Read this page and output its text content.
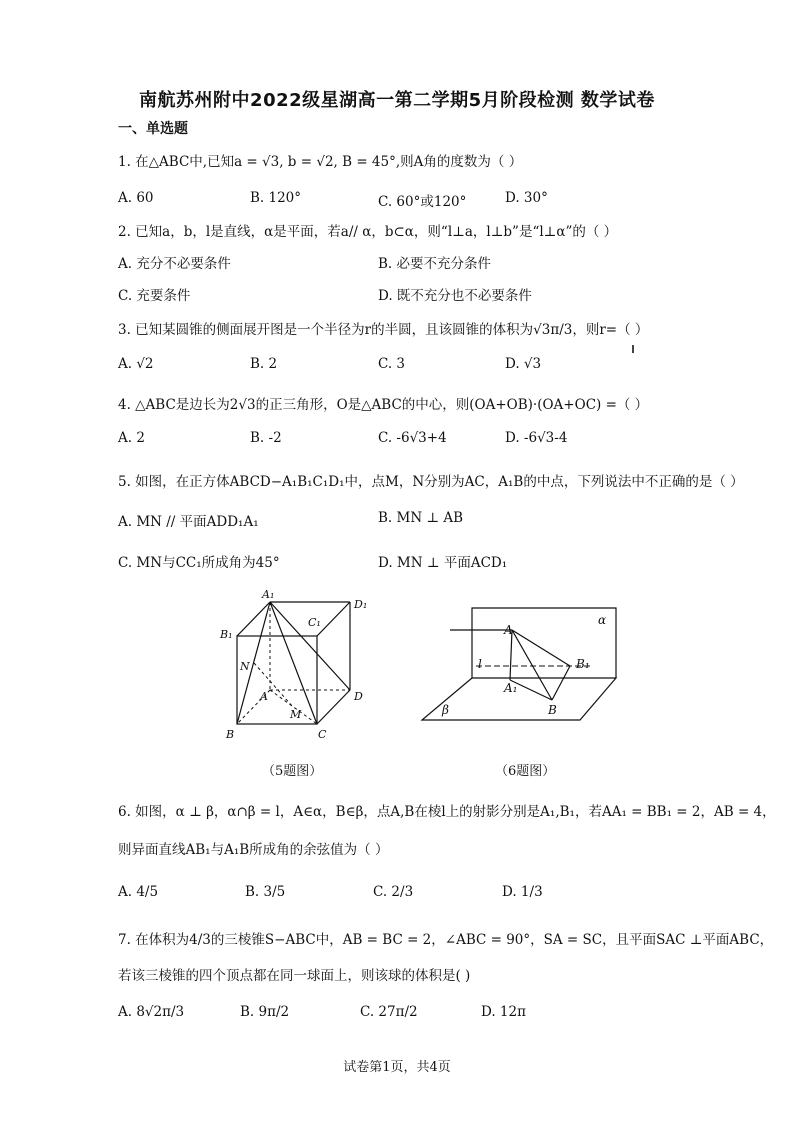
南航苏州附中2022级星湖高一第二学期5月阶段检测 数学试卷
一、单选题
1. 在△ABC中,已知a = √3, b = √2, B = 45°,则A角的度数为（ ）
A. 60	B. 120°	C. 60°或120°	D. 30°
2. 已知a，b，l是直线，α是平面，若a// α，b⊂α，则“l⊥a，l⊥b”是“l⊥α”的（ ）
A. 充分不必要条件	B. 必要不充分条件
C. 充要条件	D. 既不充分也不必要条件
3. 已知某圆锥的侧面展开图是一个半径为r的半圆，且该圆锥的体积为√3π/3，则r=（ ）
A. √2	B. 2	C. 3	D. √3
4. △ABC是边长为2√3的正三角形，O是△ABC的中心，则(OA+OB)·(OA+OC) =（ ）
A. 2	B. -2	C. -6√3+4	D. -6√3-4
5. 如图，在正方体ABCD−A₁B₁C₁D₁中，点M，N分别为AC，A₁B的中点，下列说法中不正确的是（ ）
A. MN // 平面ADD₁A₁	B. MN ⊥ AB
C. MN与CC₁所成角为45°	D. MN ⊥ 平面ACD₁
A₁
D₁
B₁
C₁
N
A	D
B	C
M
（5题图）
α
β
A
A₁
B₁
B
l
（6题图）
6. 如图，α ⊥ β，α∩β = l，A∈α，B∈β，点A,B在棱l上的射影分别是A₁,B₁，若AA₁ = BB₁ = 2，AB = 4，
则异面直线AB₁与A₁B所成角的余弦值为（ ）
A. 4/5	B. 3/5	C. 2/3	D. 1/3
7. 在体积为4/3的三棱锥S−ABC中，AB = BC = 2，∠ABC = 90°，SA = SC，且平面SAC ⊥平面ABC，
若该三棱锥的四个顶点都在同一球面上，则该球的体积是( )
A. 8√2π/3	B. 9π/2	C. 27π/2	D. 12π
试卷第1页，共4页
